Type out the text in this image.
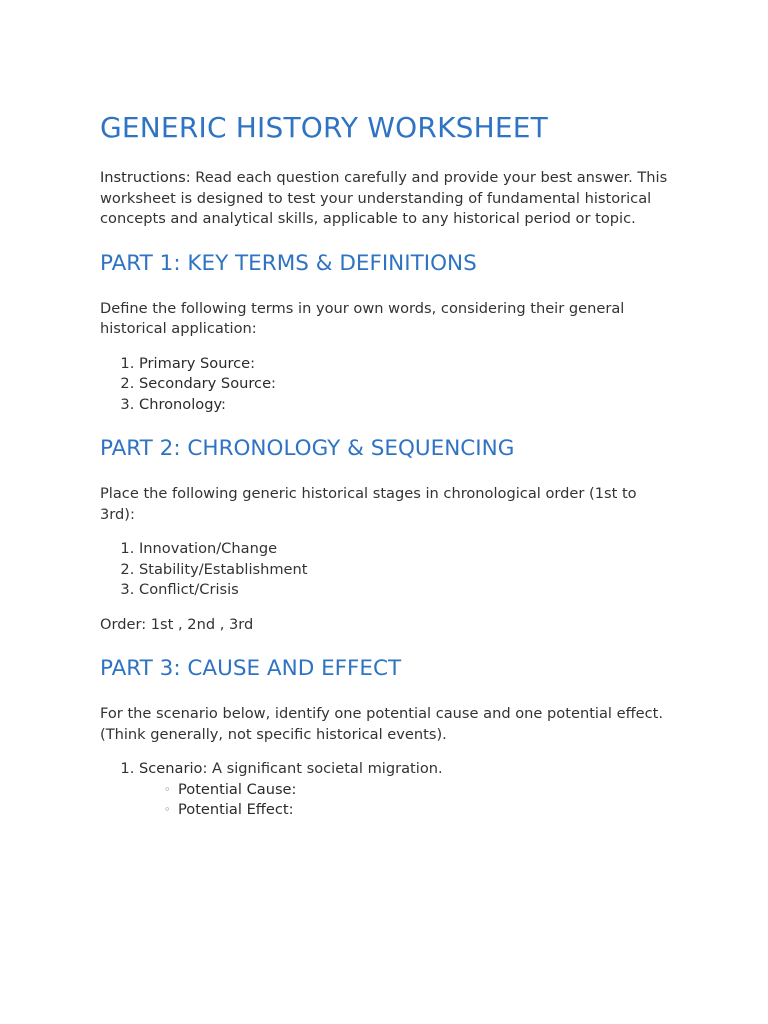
GENERIC HISTORY WORKSHEET

Instructions: Read each question carefully and provide your best answer. This worksheet is designed to test your understanding of fundamental historical concepts and analytical skills, applicable to any historical period or topic.

PART 1: KEY TERMS & DEFINITIONS

Define the following terms in your own words, considering their general historical application:

1. Primary Source:
2. Secondary Source:
3. Chronology:
PART 2: CHRONOLOGY & SEQUENCING

Place the following generic historical stages in chronological order (1st to 3rd):

1. Innovation/Change
2. Stability/Establishment
3. Conflict/Crisis

Order: 1st , 2nd , 3rd

PART 3: CAUSE AND EFFECT

For the scenario below, identify one potential cause and one potential effect. (Think generally, not specific historical events).

1. Scenario: A significant societal migration.
◦ Potential Cause:
◦ Potential Effect:
